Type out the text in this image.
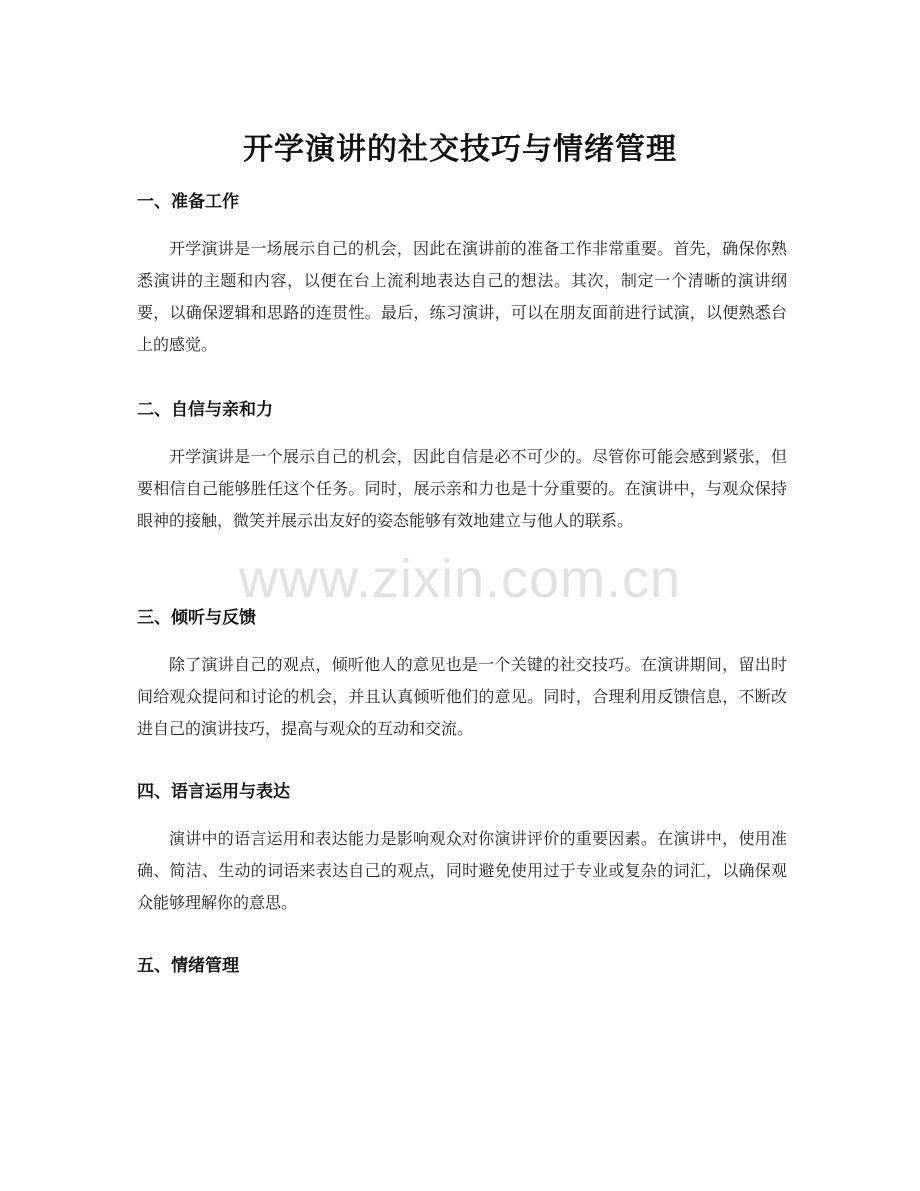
开学演讲的社交技巧与情绪管理
一、准备工作

开学演讲是一场展示自己的机会，因此在演讲前的准备工作非常重要。首先，确保你熟悉演讲的主题和内容，以便在台上流利地表达自己的想法。其次，制定一个清晰的演讲纲要，以确保逻辑和思路的连贯性。最后，练习演讲，可以在朋友面前进行试演，以便熟悉台上的感觉。

二、自信与亲和力

开学演讲是一个展示自己的机会，因此自信是必不可少的。尽管你可能会感到紧张，但要相信自己能够胜任这个任务。同时，展示亲和力也是十分重要的。在演讲中，与观众保持眼神的接触，微笑并展示出友好的姿态能够有效地建立与他人的联系。

三、倾听与反馈

除了演讲自己的观点，倾听他人的意见也是一个关键的社交技巧。在演讲期间，留出时间给观众提问和讨论的机会，并且认真倾听他们的意见。同时，合理利用反馈信息，不断改进自己的演讲技巧，提高与观众的互动和交流。

四、语言运用与表达

演讲中的语言运用和表达能力是影响观众对你演讲评价的重要因素。在演讲中，使用准确、简洁、生动的词语来表达自己的观点，同时避免使用过于专业或复杂的词汇，以确保观众能够理解你的意思。

五、情绪管理
www.zixin.com.cn
